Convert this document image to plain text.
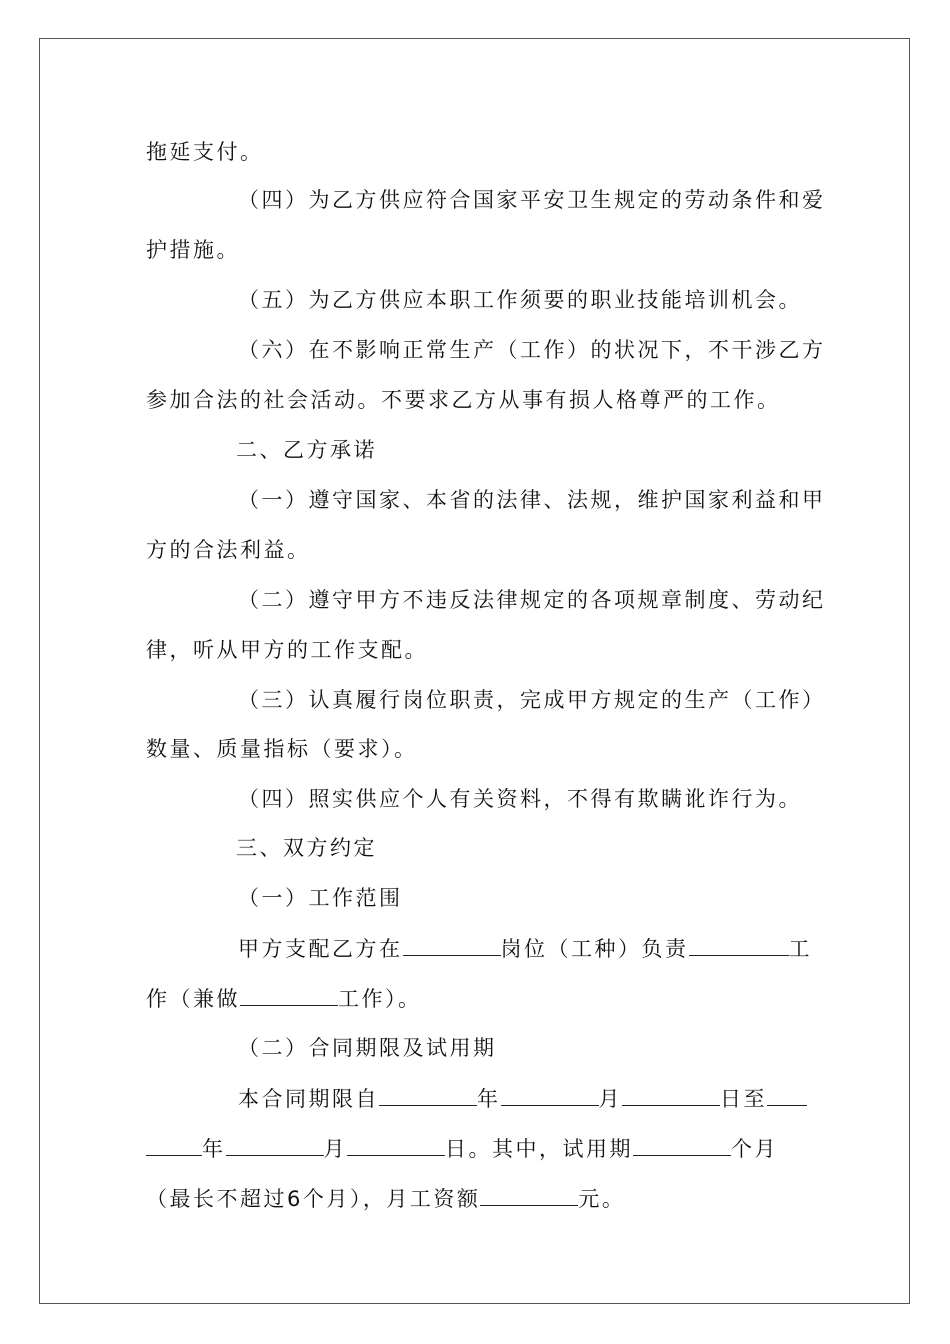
拖延支付。
（四）为乙方供应符合国家平安卫生规定的劳动条件和爱
护措施。
（五）为乙方供应本职工作须要的职业技能培训机会。
（六）在不影响正常生产（工作）的状况下，不干涉乙方
参加合法的社会活动。不要求乙方从事有损人格尊严的工作。
二、乙方承诺
（一）遵守国家、本省的法律、法规，维护国家利益和甲
方的合法利益。
（二）遵守甲方不违反法律规定的各项规章制度、劳动纪
律，听从甲方的工作支配。
（三）认真履行岗位职责，完成甲方规定的生产（工作）
数量、质量指标（要求）。
（四）照实供应个人有关资料，不得有欺瞒讹诈行为。
三、双方约定
（一）工作范围
甲方支配乙方在	岗位（工种）负责	工
作（兼做	工作）。
（二）合同期限及试用期
本合同期限自	年	月	日至
年	月	日。其中，试用期	个月
（最长不超过6个月），月工资额	元。
